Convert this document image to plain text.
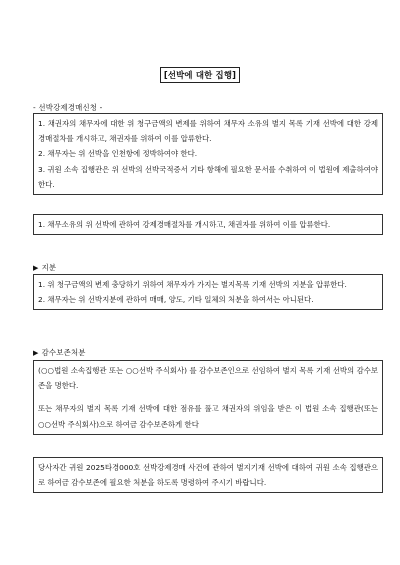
[선박에 대한 집행]
- 선박강제경매신청 -

1. 채권자의 채무자에 대한 위 청구금액의 변제를 위하여 채무자 소유의 별지 목록 기재 선박에 대한 강제경매절차를 개시하고, 채권자를 위하여 이를 압류한다.

2. 채무자는 위 선박을 인천항에 정박하여야 한다.

3. 귀원 소속 집행관은 위 선박의 선박국적증서 기타 항해에 필요한 문서를 수취하여 이 법원에 제출하여야 한다.

1. 채무소유의 위 선박에 관하여 강제경매절차를 개시하고, 채권자를 위하여 이를 압류한다.

▶ 지분

1. 위 청구금액의 변제 충당하기 위하여 채무자가 가지는 별지목록 기재 선박의 지분을 압류한다.

2. 채무자는 위 선박지분에 관하여 매매, 양도, 기타 일체의 처분을 하여서는 아니된다.

▶ 감수보존처분

(○○법원 소속집행관 또는 ○○선박 주식회사) 를 감수보존인으로 선임하여 별지 목록 기재 선박의 감수보존을 명한다.

또는 채무자의 별지 목록 기재 선박에 대한 점유를 풀고 채권자의 위임을 받은 이 법원 소속 집행관(또는 ○○선박 주식회사)으로 하여금 감수보존하게 한다

당사자간 귀원 2025타경000호 선박강제경매 사건에 관하여 별지기재 선박에 대하여 귀원 소속 집행관으로 하여금 감수보존에 필요한 처분을 하도록 명령하여 주시기 바랍니다.
